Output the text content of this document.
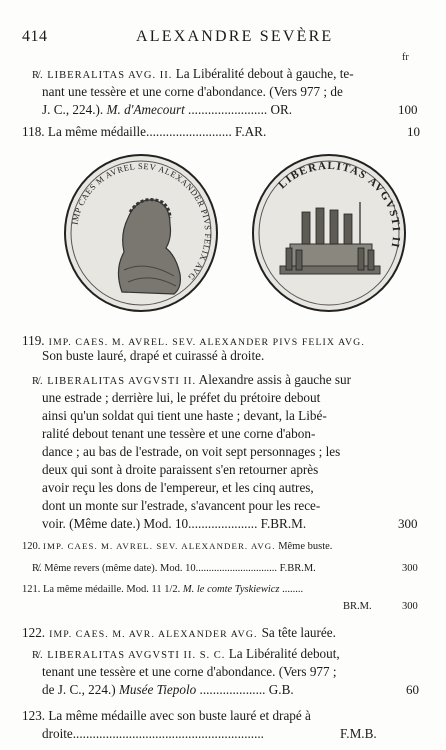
414	ALEXANDRE SEVÈRE
fr
R̸. LIBERALITAS AVG. II. La Libéralité debout à gauche, te-
nant une tessère et une corne d'abondance. (Vers 977 ; de
J. C., 224.). M. d'Amecourt ........................ OR.	100
118. La même médaille.......................... F.AR.	10
IMP CAES M AVREL SEV ALEXANDER PIVS FELIX AVG
LIBERALITAS AVGVSTI II
119. IMP. CAES. M. AVREL. SEV. ALEXANDER PIVS FELIX AVG.
Son buste lauré, drapé et cuirassé à droite.
R̸. LIBERALITAS AVGVSTI II. Alexandre assis à gauche sur
une estrade ; derrière lui, le préfet du prétoire debout
ainsi qu'un soldat qui tient une haste ; devant, la Libé-
ralité debout tenant une tessère et une corne d'abon-
dance ; au bas de l'estrade, on voit sept personnages ; les
deux qui sont à droite paraissent s'en retourner après
avoir reçu les dons de l'empereur, et les cinq autres,
dont un monte sur l'estrade, s'avancent pour les rece-
voir. (Même date.) Mod. 10..................... F.BR.M.	300
120. IMP. CAES. M. AVREL. SEV. ALEXANDER. AVG. Même buste.
R̸. Même revers (même date). Mod. 10............................... F.BR.M.	300
121. La même médaille. Mod. 11 1/2. M. le comte Tyskiewicz ........
BR.M.	300
122. IMP. CAES. M. AVR. ALEXANDER AVG. Sa tête laurée.
R̸. LIBERALITAS AVGVSTI II. S. C. La Libéralité debout,
tenant une tessère et une corne d'abondance. (Vers 977 ;
de J. C., 224.) Musée Tiepolo .................... G.B.	60
123. La même médaille avec son buste lauré et drapé à
droite..........................................................	F.M.B.
